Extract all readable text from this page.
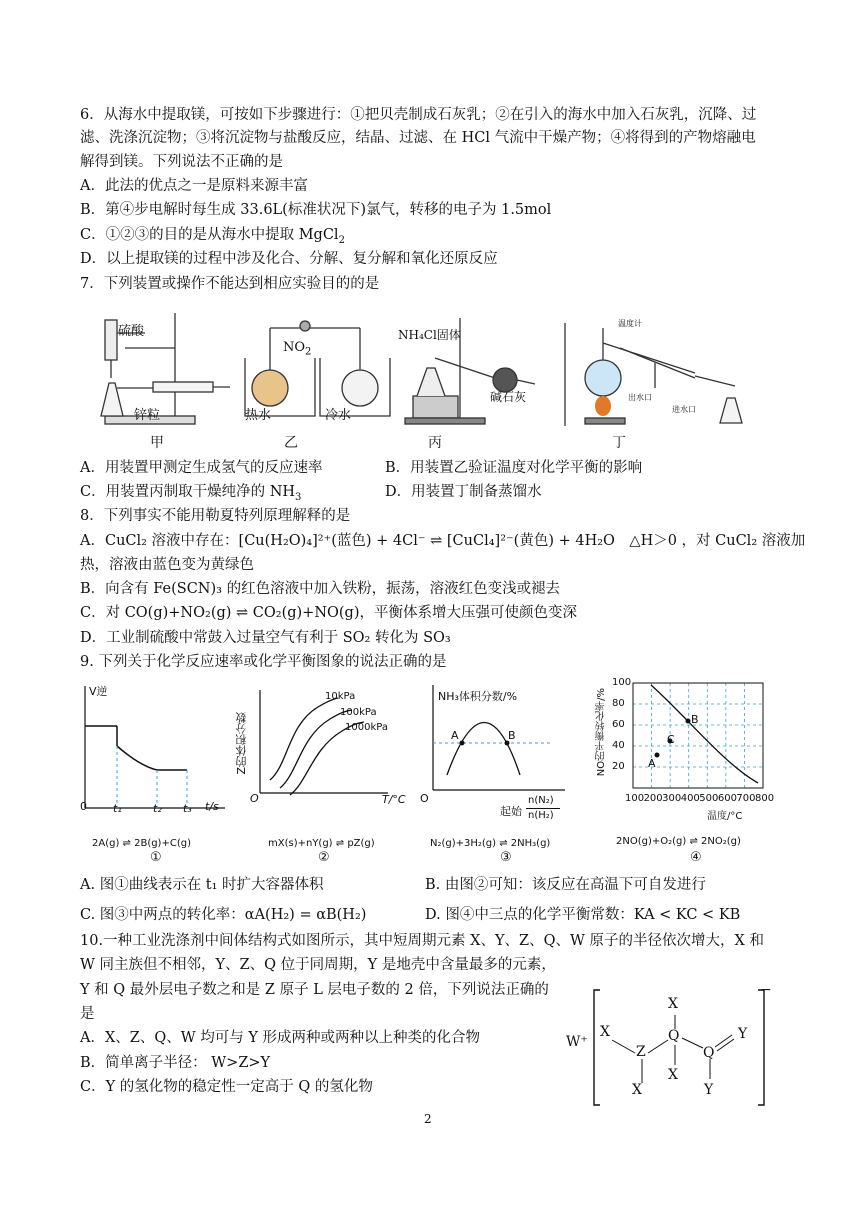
6．从海水中提取镁，可按如下步骤进行：①把贝壳制成石灰乳；②在引入的海水中加入石灰乳，沉降、过
滤、洗涤沉淀物；③将沉淀物与盐酸反应，结晶、过滤、在 HCl 气流中干燥产物；④将得到的产物熔融电
解得到镁。下列说法不正确的是
A．此法的优点之一是原料来源丰富
B．第④步电解时每生成 33.6L(标准状况下)氯气，转移的电子为 1.5mol
C．①②③的目的是从海水中提取 MgCl$_2$
D．以上提取镁的过程中涉及化合、分解、复分解和氧化还原反应
7．下列装置或操作不能达到相应实验目的的是
硫酸
锌粒
甲
$NO_2$
热水	冷水
乙
NH₄Cl固体
碱石灰
丙
温度计
出水口
进水口
丁
A．用装置甲测定生成氢气的反应速率	B．用装置乙验证温度对化学平衡的影响
C．用装置丙制取干燥纯净的 $NH_3$	D．用装置丁制备蒸馏水
8．下列事实不能用勒夏特列原理解释的是
A．CuCl₂ 溶液中存在：[Cu(H₂O)₄]²⁺(蓝色) + 4Cl⁻ ⇌ [CuCl₄]²⁻(黄色) + 4H₂O　△H＞0 ，对 CuCl₂ 溶液加
热，溶液由蓝色变为黄绿色
B．向含有 Fe(SCN)₃ 的红色溶液中加入铁粉，振荡，溶液红色变浅或褪去
C．对 CO(g)+NO₂(g) ⇌ CO₂(g)+NO(g)，平衡体系增大压强可使颜色变深
D．工业制硫酸中常鼓入过量空气有利于 SO₂ 转化为 SO₃
9. 下列关于化学反应速率或化学平衡图象的说法正确的是
V逆
0 t₁	t₂ t₃ t/s
2A(g) ⇌ 2B(g)+C(g)
①
Z的体积分数
10kPa
100kPa
1000kPa
O	T/°C
mX(s)+nY(g) ⇌ pZ(g)
②
NH₃体积分数/%
A	B
O
起始
n(N₂)
n(H₂)
N₂(g)+3H₂(g) ⇌ 2NH₃(g)
③
NO的平衡转化率/% 20
40
60
80
100
100 200 300 400 500 600 700 800
温度/°C
A
B
C
2NO(g)+O₂(g) ⇌ 2NO₂(g)
④
A. 图①曲线表示在 t₁ 时扩大容器体积	B. 由图②可知：该反应在高温下可自发进行
C. 图③中两点的转化率：αA(H₂) = αB(H₂)	D. 图④中三点的化学平衡常数：KA < KC < KB
10.一种工业洗涤剂中间体结构式如图所示，其中短周期元素 X、Y、Z、Q、W 原子的半径依次增大，X 和
W 同主族但不相邻，Y、Z、Q 位于同周期，Y 是地壳中含量最多的元素，
Y 和 Q 最外层电子数之和是 Z 原子 L 层电子数的 2 倍，下列说法正确的
是
A．X、Z、Q、W 均可与 Y 形成两种或两种以上种类的化合物
B．简单离子半径： W>Z>Y
C．Y 的氢化物的稳定性一定高于 Q 的氢化物
W⁺
X
Z
X
X
Q
X
Q
Y
Y
−
2
